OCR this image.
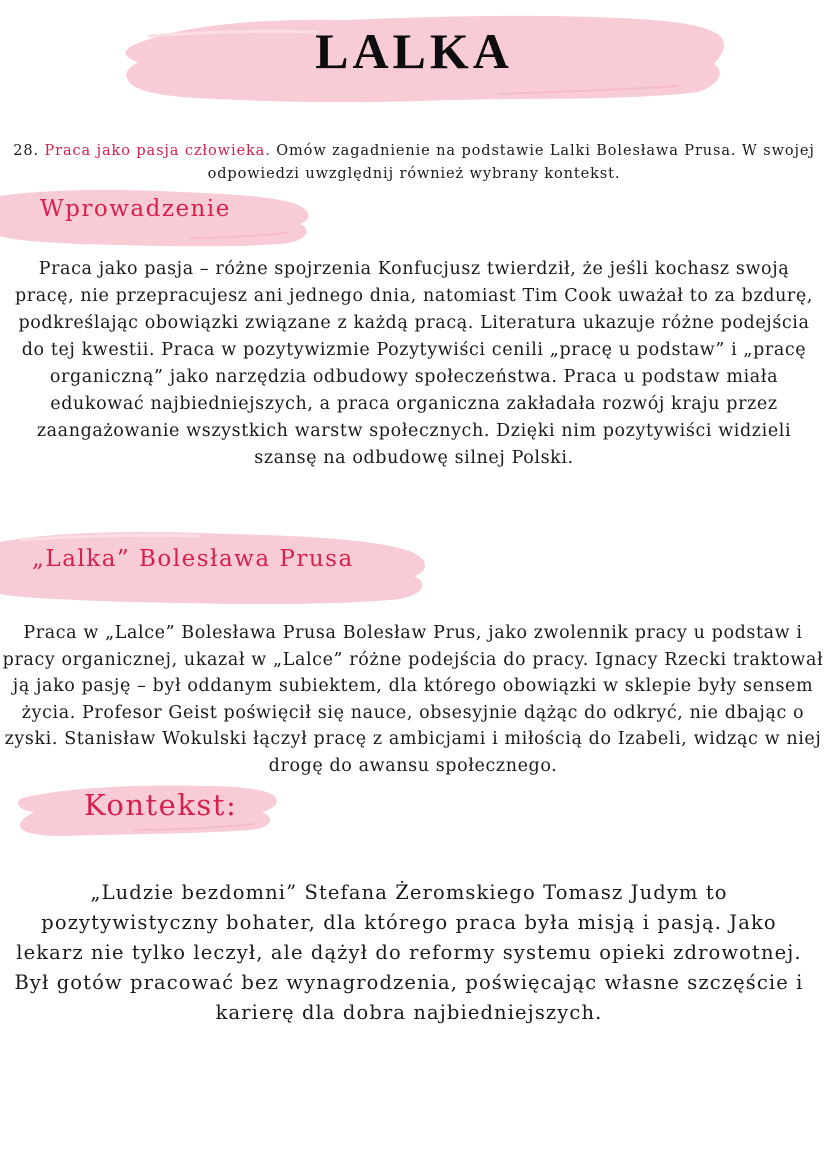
LALKA

28. Praca jako pasja człowieka. Omów zagadnienie na podstawie Lalki Bolesława Prusa. W swojej odpowiedzi uwzględnij również wybrany kontekst.

Wprowadzenie

Praca jako pasja – różne spojrzenia Konfucjusz twierdził, że jeśli kochasz swoją pracę, nie przepracujesz ani jednego dnia, natomiast Tim Cook uważał to za bzdurę, podkreślając obowiązki związane z każdą pracą. Literatura ukazuje różne podejścia do tej kwestii. Praca w pozytywizmie Pozytywiści cenili „pracę u podstaw” i „pracę organiczną” jako narzędzia odbudowy społeczeństwa. Praca u podstaw miała edukować najbiedniejszych, a praca organiczna zakładała rozwój kraju przez zaangażowanie wszystkich warstw społecznych. Dzięki nim pozytywiści widzieli szansę na odbudowę silnej Polski.

„Lalka” Bolesława Prusa

Praca w „Lalce” Bolesława Prusa Bolesław Prus, jako zwolennik pracy u podstaw i pracy organicznej, ukazał w „Lalce” różne podejścia do pracy. Ignacy Rzecki traktował ją jako pasję – był oddanym subiektem, dla którego obowiązki w sklepie były sensem życia. Profesor Geist poświęcił się nauce, obsesyjnie dążąc do odkryć, nie dbając o zyski. Stanisław Wokulski łączył pracę z ambicjami i miłością do Izabeli, widząc w niej drogę do awansu społecznego.

Kontekst:

„Ludzie bezdomni” Stefana Żeromskiego Tomasz Judym to pozytywistyczny bohater, dla którego praca była misją i pasją. Jako lekarz nie tylko leczył, ale dążył do reformy systemu opieki zdrowotnej. Był gotów pracować bez wynagrodzenia, poświęcając własne szczęście i karierę dla dobra najbiedniejszych.
